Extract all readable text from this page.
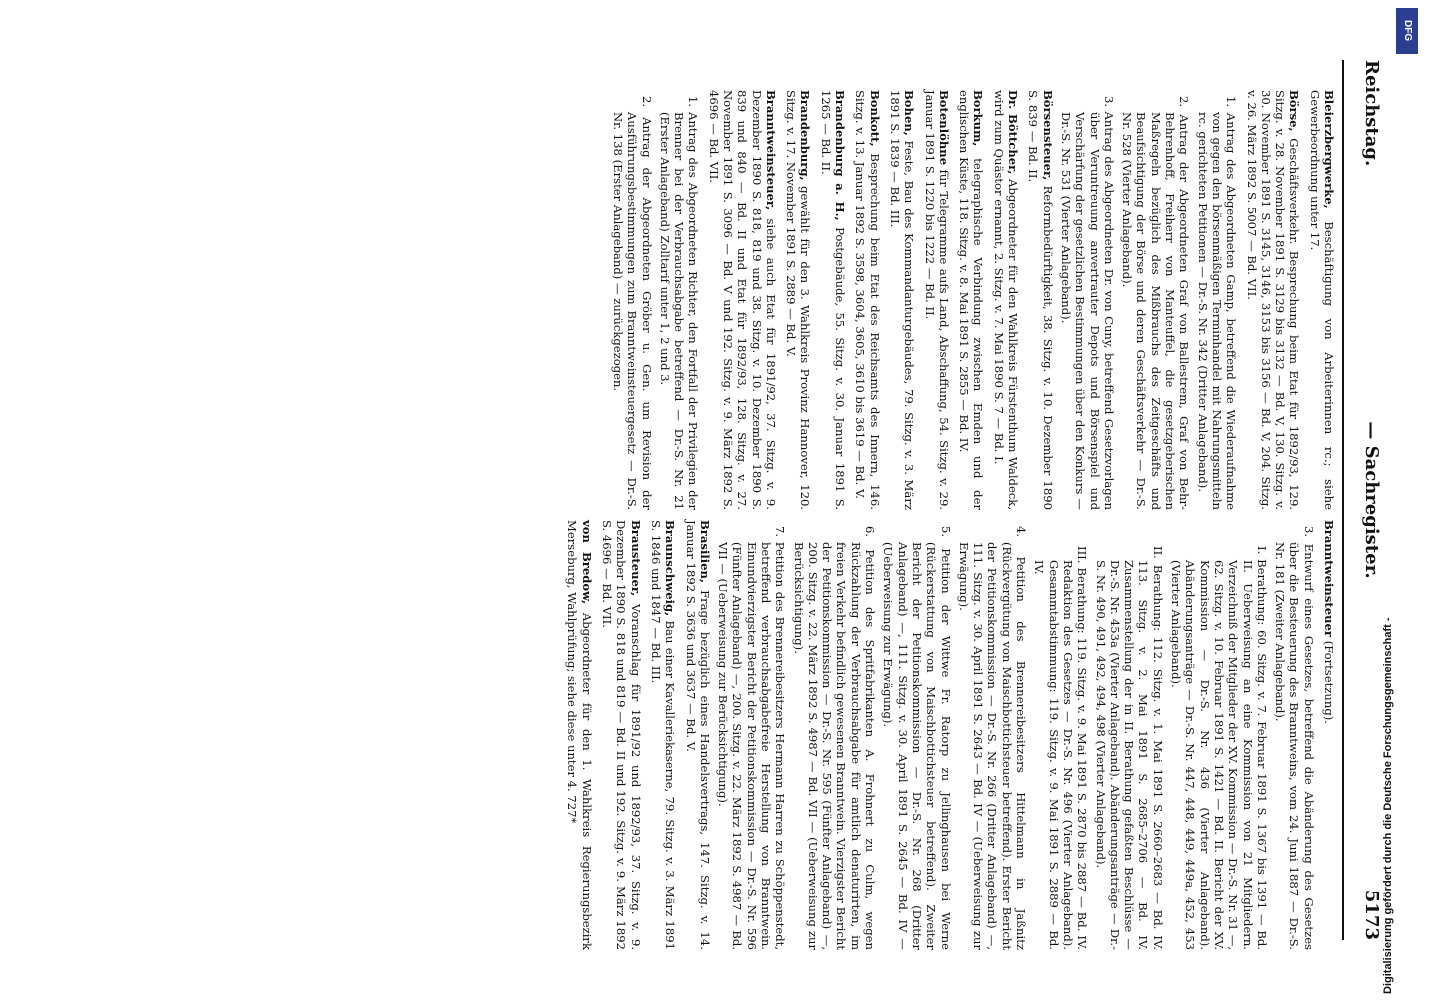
Reichstag.
— Sachregister.
5173
Bleierzbergwerke, Beschäftigung von Arbeiterinnen rc.; siehe Gewerbeordnung unter 17.
Börse, Geschäftsverkehr. Besprechung beim Etat für 1892/93, 129. Sitzg. v. 28. November 1891 S. 3129 bis 3132 — Bd. V, 130. Sitzg. v. 30. November 1891 S. 3145, 3146, 3153 bis 3156 — Bd. V, 204. Sitzg. v. 26. März 1892 S. 5007 — Bd. VII.
1. Antrag des Abgeordneten Gamp, betreffend die Wiederaufnahme von gegen den börsenmäßigen Terminhandel mit Nahrungsmitteln rc. gerichteten Petitionen — Dr.-S. Nr. 342 (Dritter Anlageband).
2. Antrag der Abgeordneten Graf von Ballestrem, Graf von Behr-Behrenhoff, Freiherr von Manteuffel, die gesetzgeberischen Maßregeln bezüglich des Mißbrauchs des Zeitgeschäfts und Beaufsichtigung der Börse und deren Geschäftsverkehr — Dr.-S. Nr. 528 (Vierter Anlageband).
3. Antrag des Abgeordneten Dr. von Cuny, betreffend Gesetzvorlagen über Veruntreuung anvertrauter Depots und Börsenspiel und Verschärfung der gesetzlichen Bestimmungen über den Konkurs — Dr.-S. Nr. 531 (Vierter Anlageband).
Börsensteuer, Reformbedürftigkeit, 38. Sitzg. v. 10. Dezember 1890 S. 839 — Bd. II.
Dr. Böttcher, Abgeordneter für den Wahlkreis Fürstenthum Waldeck, wird zum Quästor ernannt, 2. Sitzg. v. 7. Mai 1890 S. 7 — Bd. I.
Borkum, telegraphische Verbindung zwischen Emden und der englischen Küste, 118. Sitzg. v. 8. Mai 1891 S. 2855 — Bd. IV.
Botenlöhne für Telegramme aufs Land, Abschaffung, 54. Sitzg. v. 29. Januar 1891 S. 1220 bis 1222 — Bd. II.
Bohen, Feste, Bau des Kommandanturgebäudes, 79. Sitzg. v. 3. März 1891 S. 1839 — Bd. III.
Bonkott, Besprechung beim Etat des Reichsamts des Innern, 146. Sitzg. v. 13. Januar 1892 S. 3598, 3604, 3605, 3610 bis 3619 — Bd. V.
Brandenburg a. H., Postgebäude, 55. Sitzg. v. 30. Januar 1891 S. 1265 — Bd. II.
Brandenburg, gewählt für den 3. Wahlkreis Provinz Hannover, 120. Sitzg. v. 17. November 1891 S. 2889 — Bd. V.
Branntweinsteuer, siehe auch Etat für 1891/92, 37. Sitzg. v. 9. Dezember 1890 S. 818, 819 und 38. Sitzg. v. 10. Dezember 1890 S. 839 und 840 — Bd. II und Etat für 1892/93, 128. Sitzg. v. 27. November 1891 S. 3096 — Bd. V und 192. Sitzg. v. 9. März 1892 S. 4696 — Bd. VII.
1. Antrag des Abgeordneten Richter, den Fortfall der Privilegien der Brenner bei der Verbrauchsabgabe betreffend — Dr.-S. Nr. 21 (Erster Anlageband) Zolltarif unter 1, 2 und 3.
2. Antrag der Abgeordneten Gröber u. Gen. um Revision der Ausführungsbestimmungen zum Branntweinsteuergesetz — Dr.-S. Nr. 138 (Erster Anlageband) — zurückgezogen.
Branntweinsteuer (Fortsetzung).
3. Entwurf eines Gesetzes, betreffend die Abänderung des Gesetzes über die Besteuerung des Branntweins, vom 24. Juni 1887 — Dr.-S. Nr. 181 (Zweiter Anlageband).
I. Berathung: 60. Sitzg. v. 7. Februar 1891 S. 1367 bis 1391 — Bd. II. Ueberweisung an eine Kommission von 21 Mitgliedern. Verzeichniß der Mitglieder der XV. Kommission — Dr.-S. Nr. 31 —, 62. Sitzg. v. 10. Februar 1891 S. 1421 — Bd. II. Bericht der XV. Kommission — Dr.-S. Nr. 436 (Vierter Anlageband). Abänderungsanträge — Dr.-S. Nr. 447, 448, 449, 449a, 452, 453 (Vierter Anlageband).
II. Berathung: 112. Sitzg. v. 1. Mai 1891 S. 2660–2683 — Bd. IV. 113. Sitzg. v. 2. Mai 1891 S. 2685–2706 — Bd. IV. Zusammenstellung der in II. Berathung gefaßten Beschlüsse — Dr.-S. Nr. 453a (Vierter Anlageband). Abänderungsanträge — Dr.-S. Nr. 490, 491, 492, 494, 498 (Vierter Anlageband).
III. Berathung: 119. Sitzg. v. 9. Mai 1891 S. 2870 bis 2887 — Bd. IV. Redaktion des Gesetzes — Dr.-S. Nr. 496 (Vierter Anlageband). Gesammtabstimmung: 119. Sitzg. v. 9. Mai 1891 S. 2889 — Bd. IV.
4. Petition des Brennereibesitzers Hittelmann in Jaßnitz (Rückvergütung von Maischbottichsteuer betreffend). Erster Bericht der Petitionskommission — Dr.-S. Nr. 266 (Dritter Anlageband) —, 111. Sitzg. v. 30. April 1891 S. 2643 — Bd. IV — (Ueberweisung zur Erwägung).
5. Petition der Wittwe Fr. Ratorp zu Jellinghausen bei Werne (Rückerstattung von Maischbottichsteuer betreffend). Zweiter Bericht der Petitionskommission — Dr.-S. Nr. 268 (Dritter Anlageband) —, 111. Sitzg. v. 30. April 1891 S. 2645 — Bd. IV — (Ueberweisung zur Erwägung).
6. Petition des Spritfabrikanten A. Frohnert zu Culm, wegen Rückzahlung der Verbrauchsabgabe für amtlich denaturirten, im freien Verkehr befindlich gewesenen Branntwein. Vierzigster Bericht der Petitionskommission — Dr.-S. Nr. 595 (Fünfter Anlageband) —, 200. Sitzg. v. 22. März 1892 S. 4987 — Bd. VII — (Ueberweisung zur Berücksichtigung).
7. Petition des Brennereibesitzers Hermann Harren zu Schöppenstedt, betreffend verbrauchsabgabefreie Herstellung von Branntwein. Einundvierzigster Bericht der Petitionskommission — Dr.-S. Nr. 596 (Fünfter Anlageband) —, 200. Sitzg. v. 22. März 1892 S. 4987 — Bd. VII — (Ueberweisung zur Berücksichtigung).
Brasilien, Frage bezüglich eines Handelsvertrags, 147. Sitzg. v. 14. Januar 1892 S. 3636 und 3637 — Bd. V.
Braunschweig, Bau einer Kavalleriekaserne, 79. Sitzg. v. 3. März 1891 S. 1846 und 1847 — Bd. III.
Brausteuer, Voranschlag für 1891/92 und 1892/93, 37. Sitzg. v. 9. Dezember 1890 S. 818 und 819 — Bd. II und 192. Sitzg. v. 9. März 1892 S. 4696 — Bd. VII.
von Bredow, Abgeordneter für den 1. Wahlkreis Regierungsbezirk Merseburg, Wahlprüfung; siehe diese unter 4. 727*	Digitalisierung gefördert durch die Deutsche Forschungsgemeinschaft -
DFG
